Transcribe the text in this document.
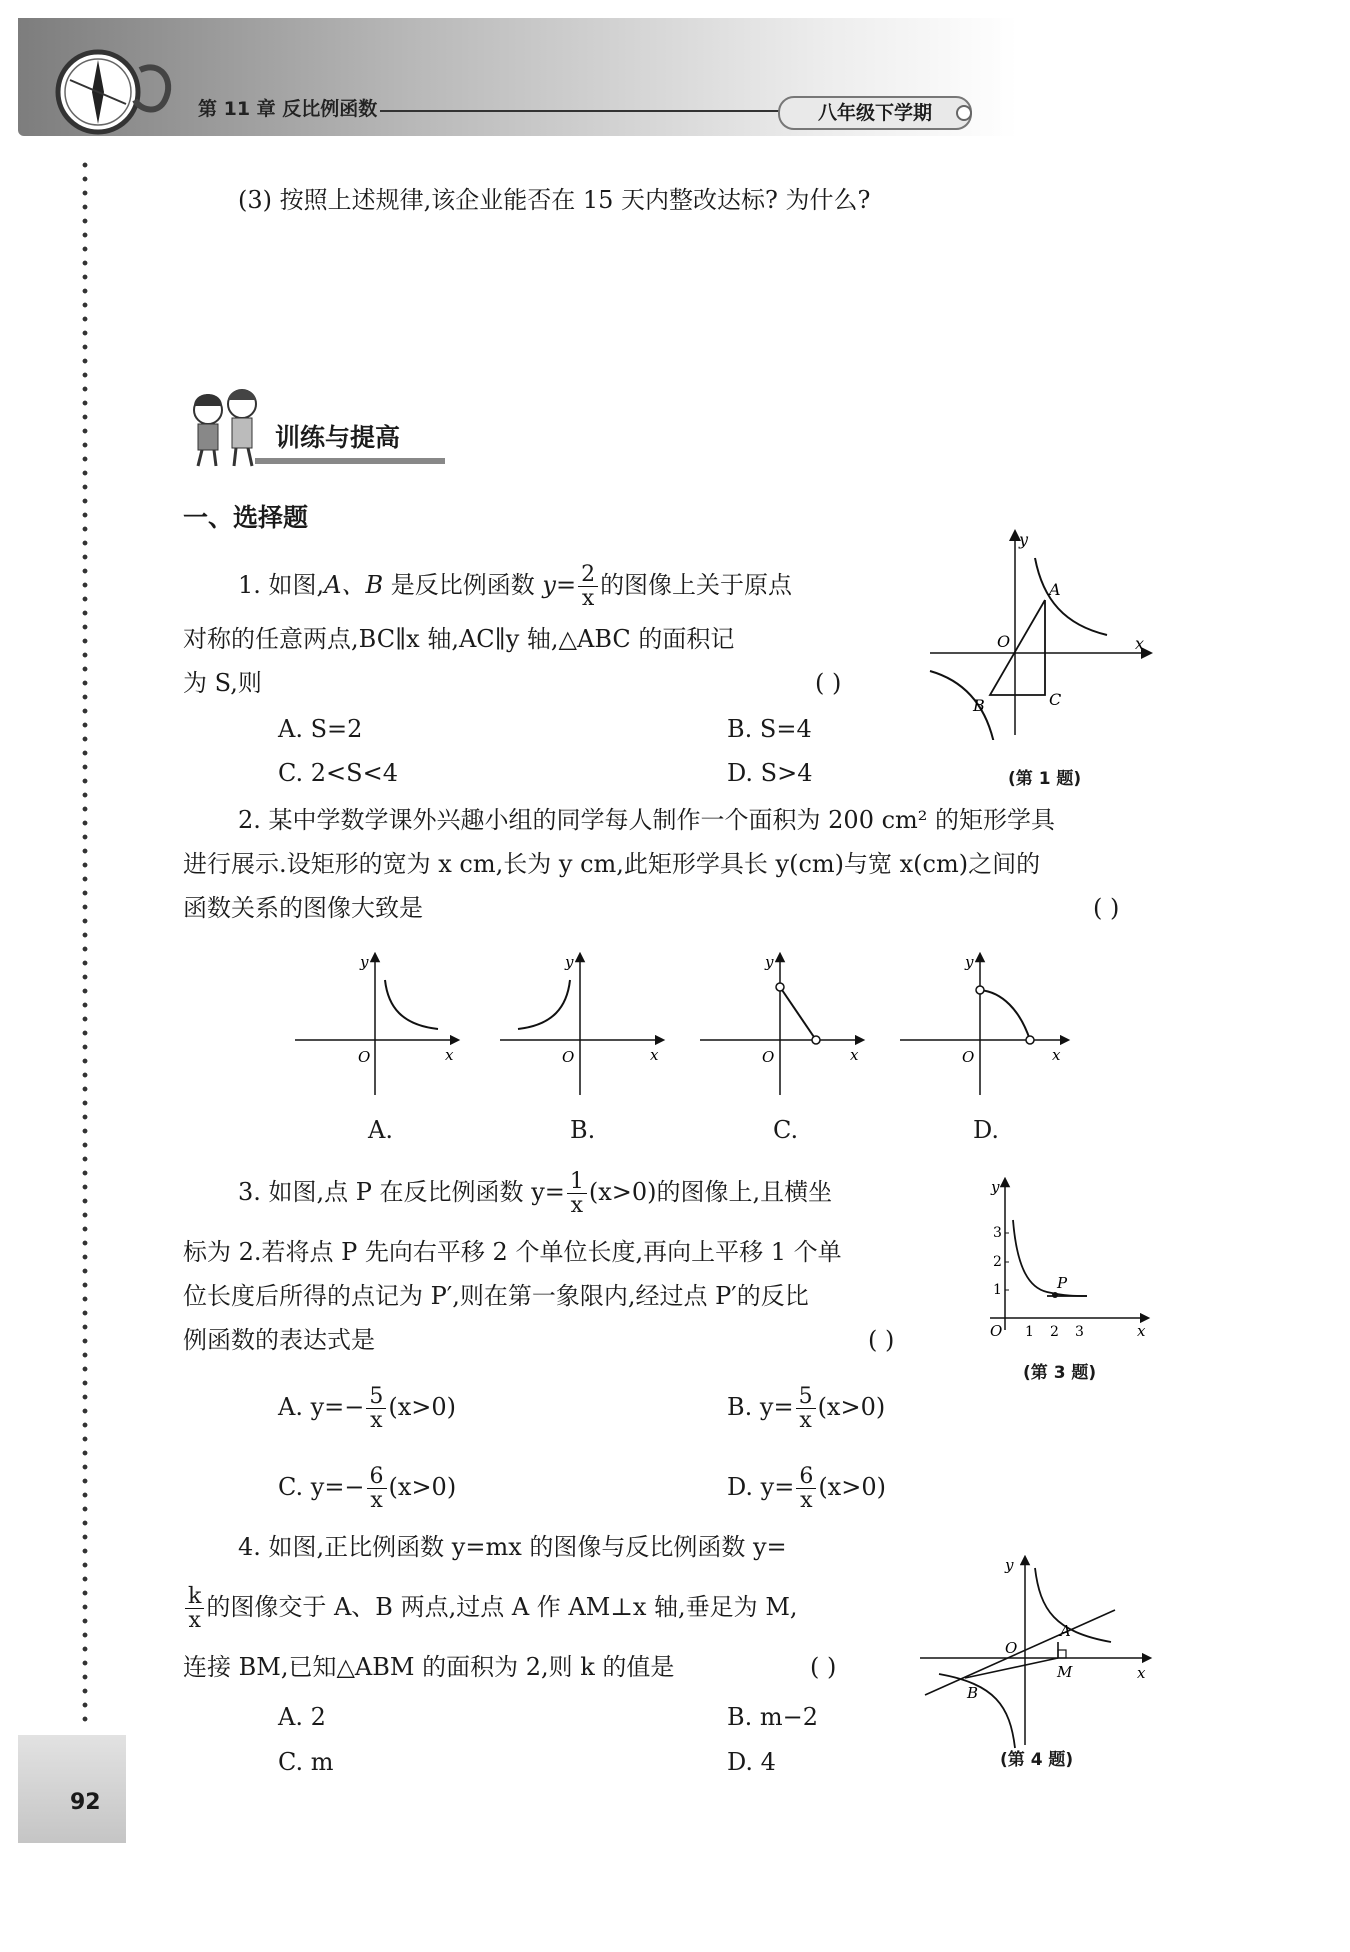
第 11 章 反比例函数	八年级下学期
92
(3) 按照上述规律,该企业能否在 15 天内整改达标? 为什么?
训练与提高
一、选择题
1. 如图,A、B 是反比例函数 $y= \frac{2}{x}$ 的图像上关于原点
对称的任意两点,BC∥x 轴,AC∥y 轴,△ABC 的面积记
为 S,则	( )
A. S=2	B. S=4
C. 2<S<4	D. S>4
y
x
O
A
B	C
(第 1 题)
2. 某中学数学课外兴趣小组的同学每人制作一个面积为 200 cm² 的矩形学具
进行展示.设矩形的宽为 x cm,长为 y cm,此矩形学具长 y(cm)与宽 x(cm)之间的
函数关系的图像大致是	( )
y
x
O
y
x
O
y
x
O
y
x
O
A.	B.	C.	D.
3. 如图,点 P 在反比例函数 $y= \frac{1}{x} (x>0)$的图像上,且横坐
标为 2.若将点 P 先向右平移 2 个单位长度,再向上平移 1 个单
位长度后所得的点记为 P′,则在第一象限内,经过点 P′的反比
例函数的表达式是	( )
A. $y=- \frac{5}{x} (x>0)$	B. $y= \frac{5}{x} (x>0)$
C. $y=- \frac{6}{x} (x>0)$	D. $y= \frac{6}{x} (x>0)$
3
2
1
1 2 3
y
x
O
P
(第 3 题)
4. 如图,正比例函数 y=mx 的图像与反比例函数 y=
$\frac{k}{x}$ 的图像交于 A、B 两点,过点 A 作 AM⊥x 轴,垂足为 M,
连接 BM,已知△ABM 的面积为 2,则 k 的值是	( )
A. 2	B. m−2
C. m	D. 4
y
x
O
A
B
M
(第 4 题)
